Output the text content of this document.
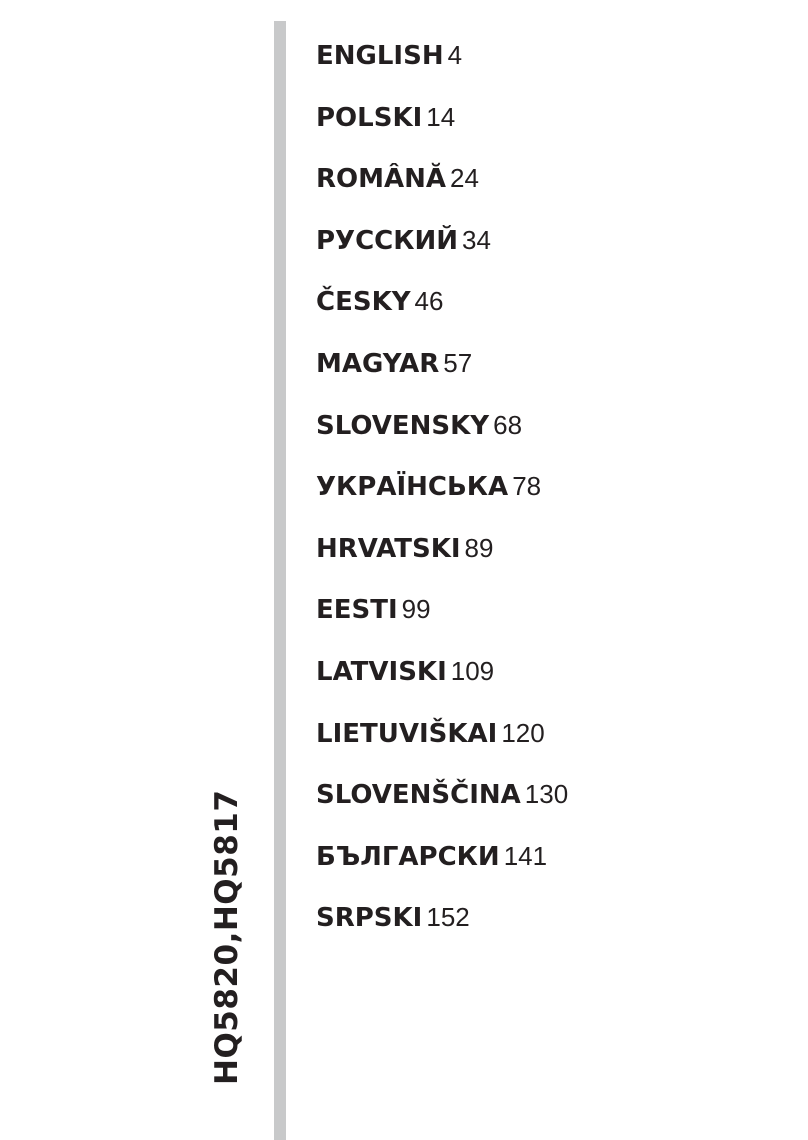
HQ5820,HQ5817
ENGLISH 4
POLSKI 14
ROMÂNĂ 24
РУССКИЙ 34
ČESKY 46
MAGYAR 57
SLOVENSKY 68
УКРАЇНСЬКА 78
HRVATSKI 89
EESTI 99
LATVISKI 109
LIETUVIŠKAI 120
SLOVENŠČINA 130
БЪЛГАРСКИ 141
SRPSKI 152
